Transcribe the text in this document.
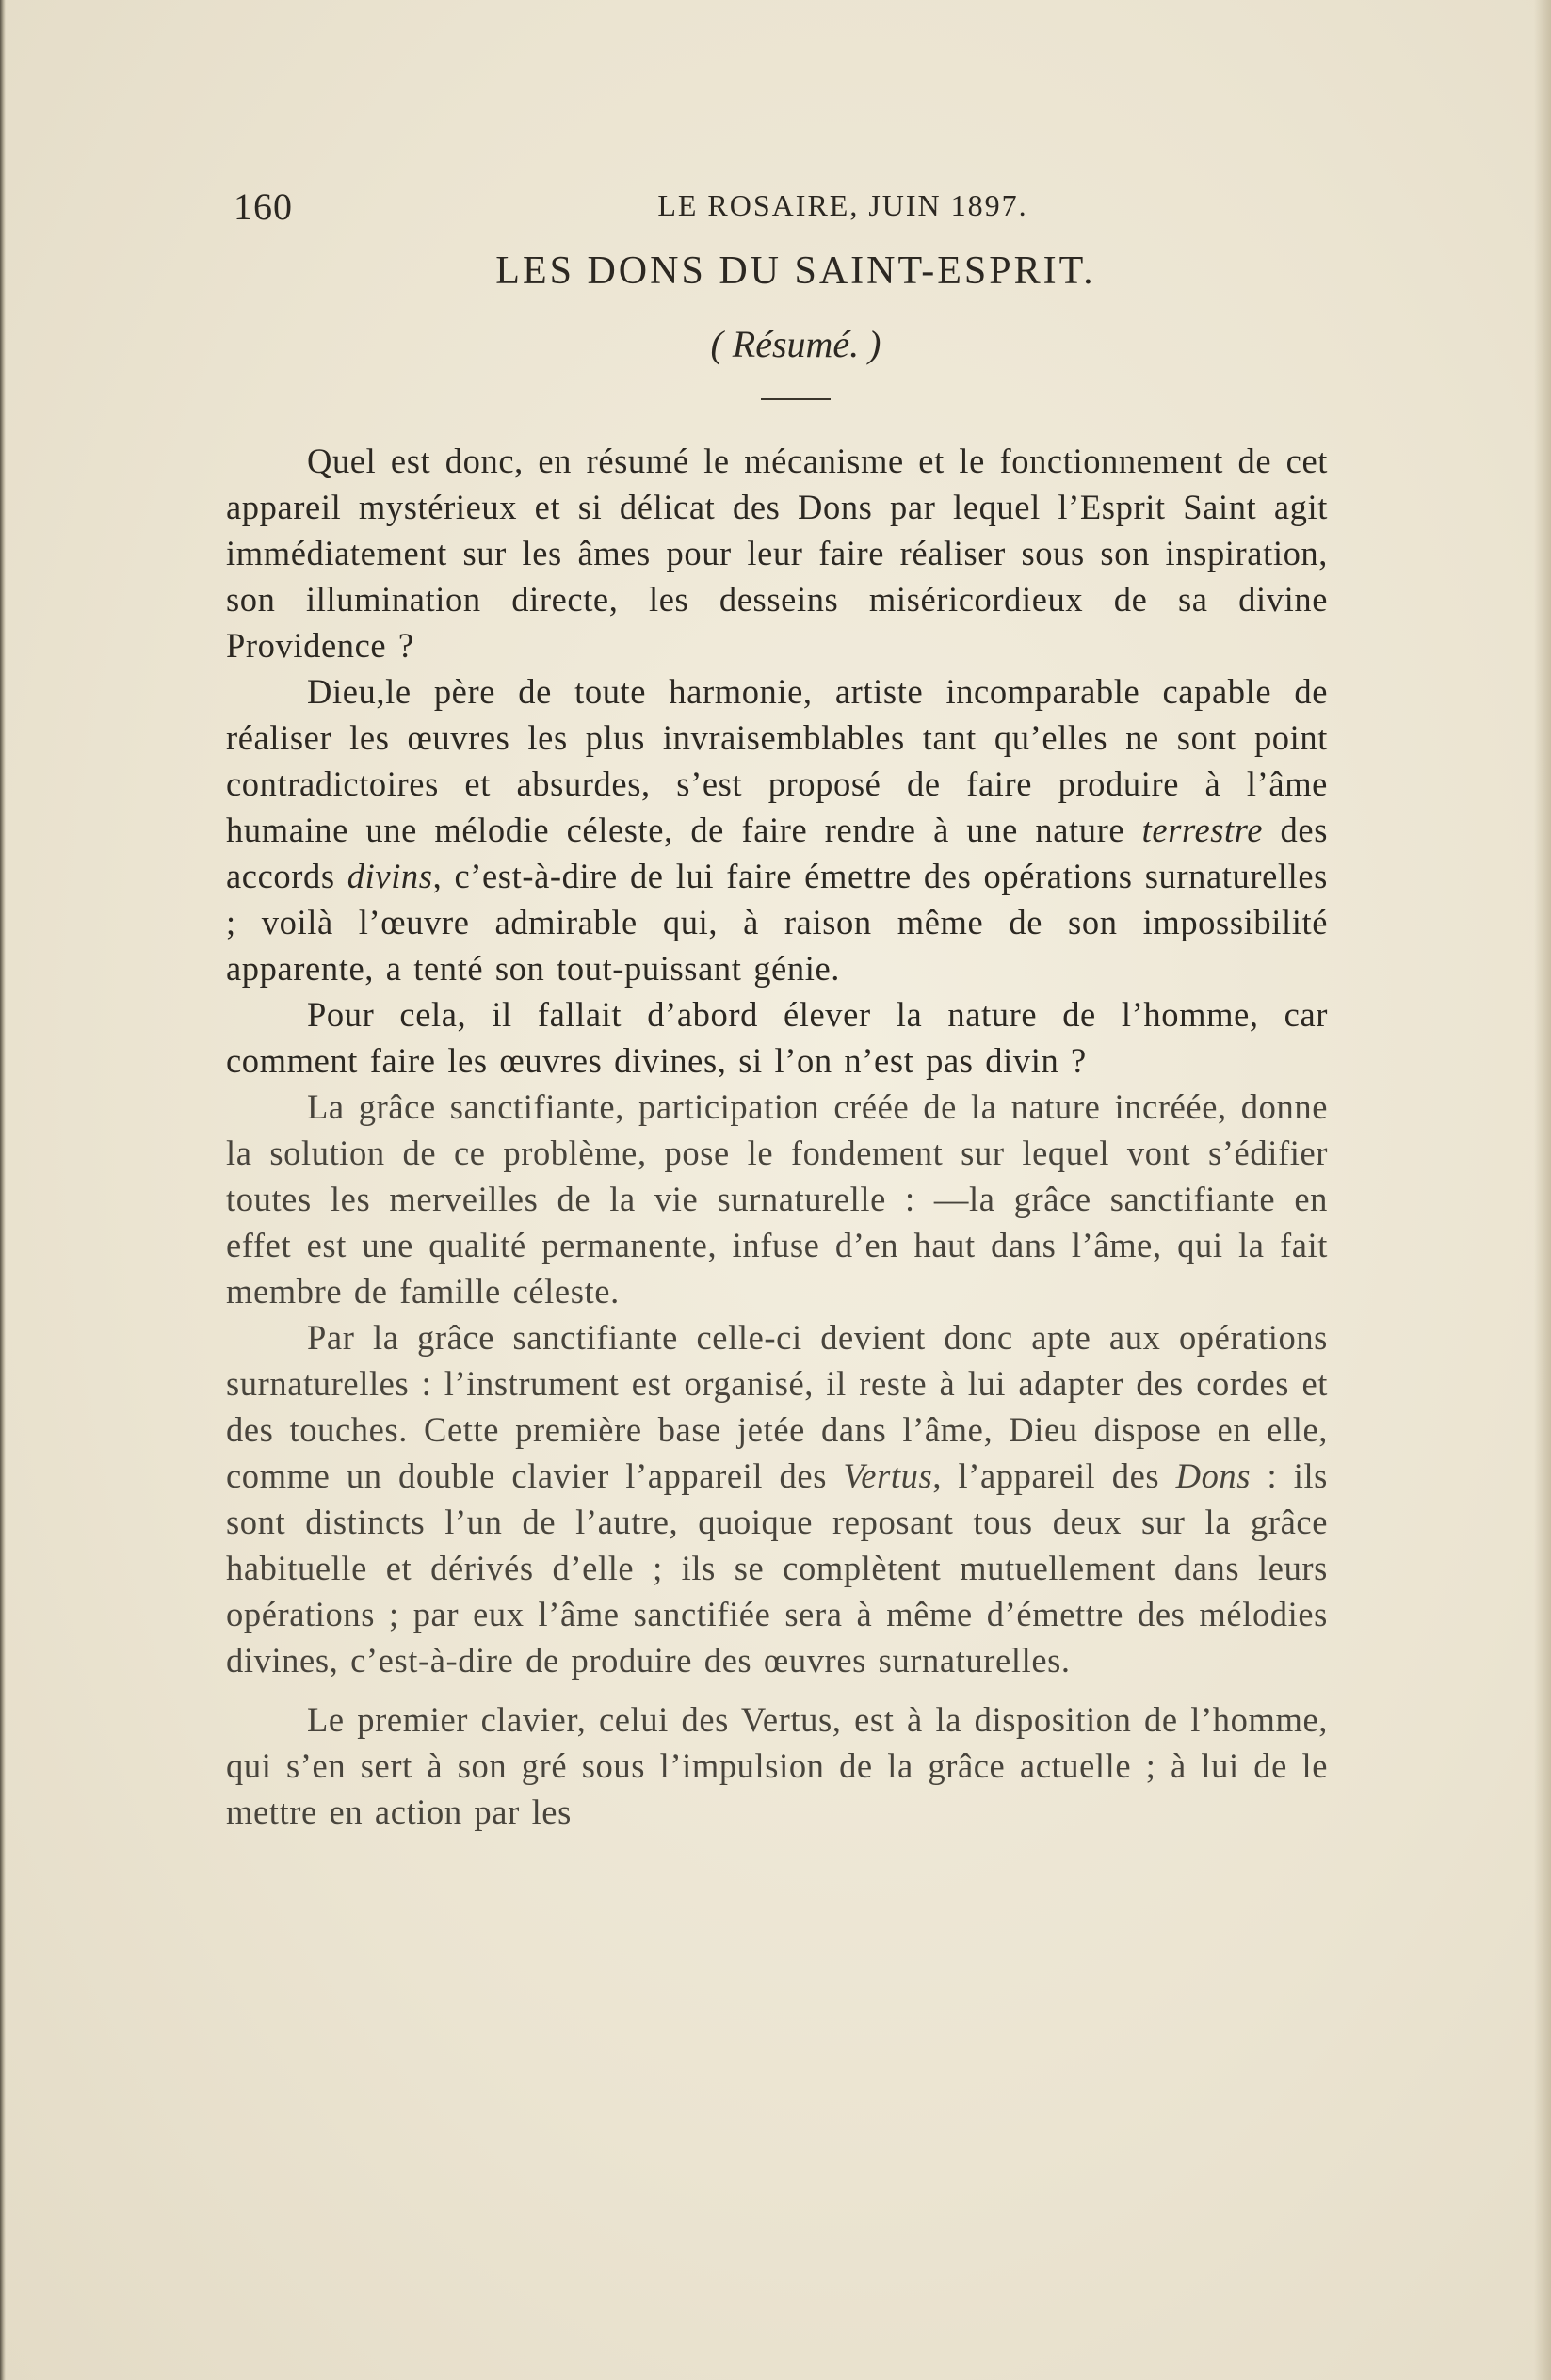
160	LE ROSAIRE, JUIN 1897.
LES DONS DU SAINT-ESPRIT.
( Résumé. )

Quel est donc, en résumé le mécanisme et le fonctionnement de cet appareil mystérieux et si délicat des Dons par lequel l’Esprit Saint agit immédiatement sur les âmes pour leur faire réaliser sous son inspiration, son illumination directe, les desseins miséricordieux de sa divine Providence ?

Dieu,le père de toute harmonie, artiste incomparable capable de réaliser les œuvres les plus invraisemblables tant qu’elles ne sont point contradictoires et absurdes, s’est proposé de faire produire à l’âme humaine une mélodie céleste, de faire rendre à une nature terrestre des accords divins, c’est-à-dire de lui faire émettre des opérations surnaturelles ; voilà l’œuvre admirable qui, à raison même de son impossibilité apparente, a tenté son tout-puissant génie.

Pour cela, il fallait d’abord élever la nature de l’homme, car comment faire les œuvres divines, si l’on n’est pas divin ?

La grâce sanctifiante, participation créée de la nature incréée, donne la solution de ce problème, pose le fondement sur lequel vont s’édifier toutes les merveilles de la vie surnaturelle : —la grâce sanctifiante en effet est une qualité permanente, infuse d’en haut dans l’âme, qui la fait membre de famille céleste.

Par la grâce sanctifiante celle-ci devient donc apte aux opérations surnaturelles : l’instrument est organisé, il reste à lui adapter des cordes et des touches. Cette première base jetée dans l’âme, Dieu dispose en elle, comme un double clavier l’appareil des Vertus, l’appareil des Dons : ils sont distincts l’un de l’autre, quoique reposant tous deux sur la grâce habituelle et dérivés d’elle ; ils se complètent mutuellement dans leurs opérations ; par eux l’âme sanctifiée sera à même d’émettre des mélodies divines, c’est-à-dire de produire des œuvres surnaturelles.

Le premier clavier, celui des Vertus, est à la disposition de l’homme, qui s’en sert à son gré sous l’impulsion de la grâce actuelle ; à lui de le mettre en action par les
